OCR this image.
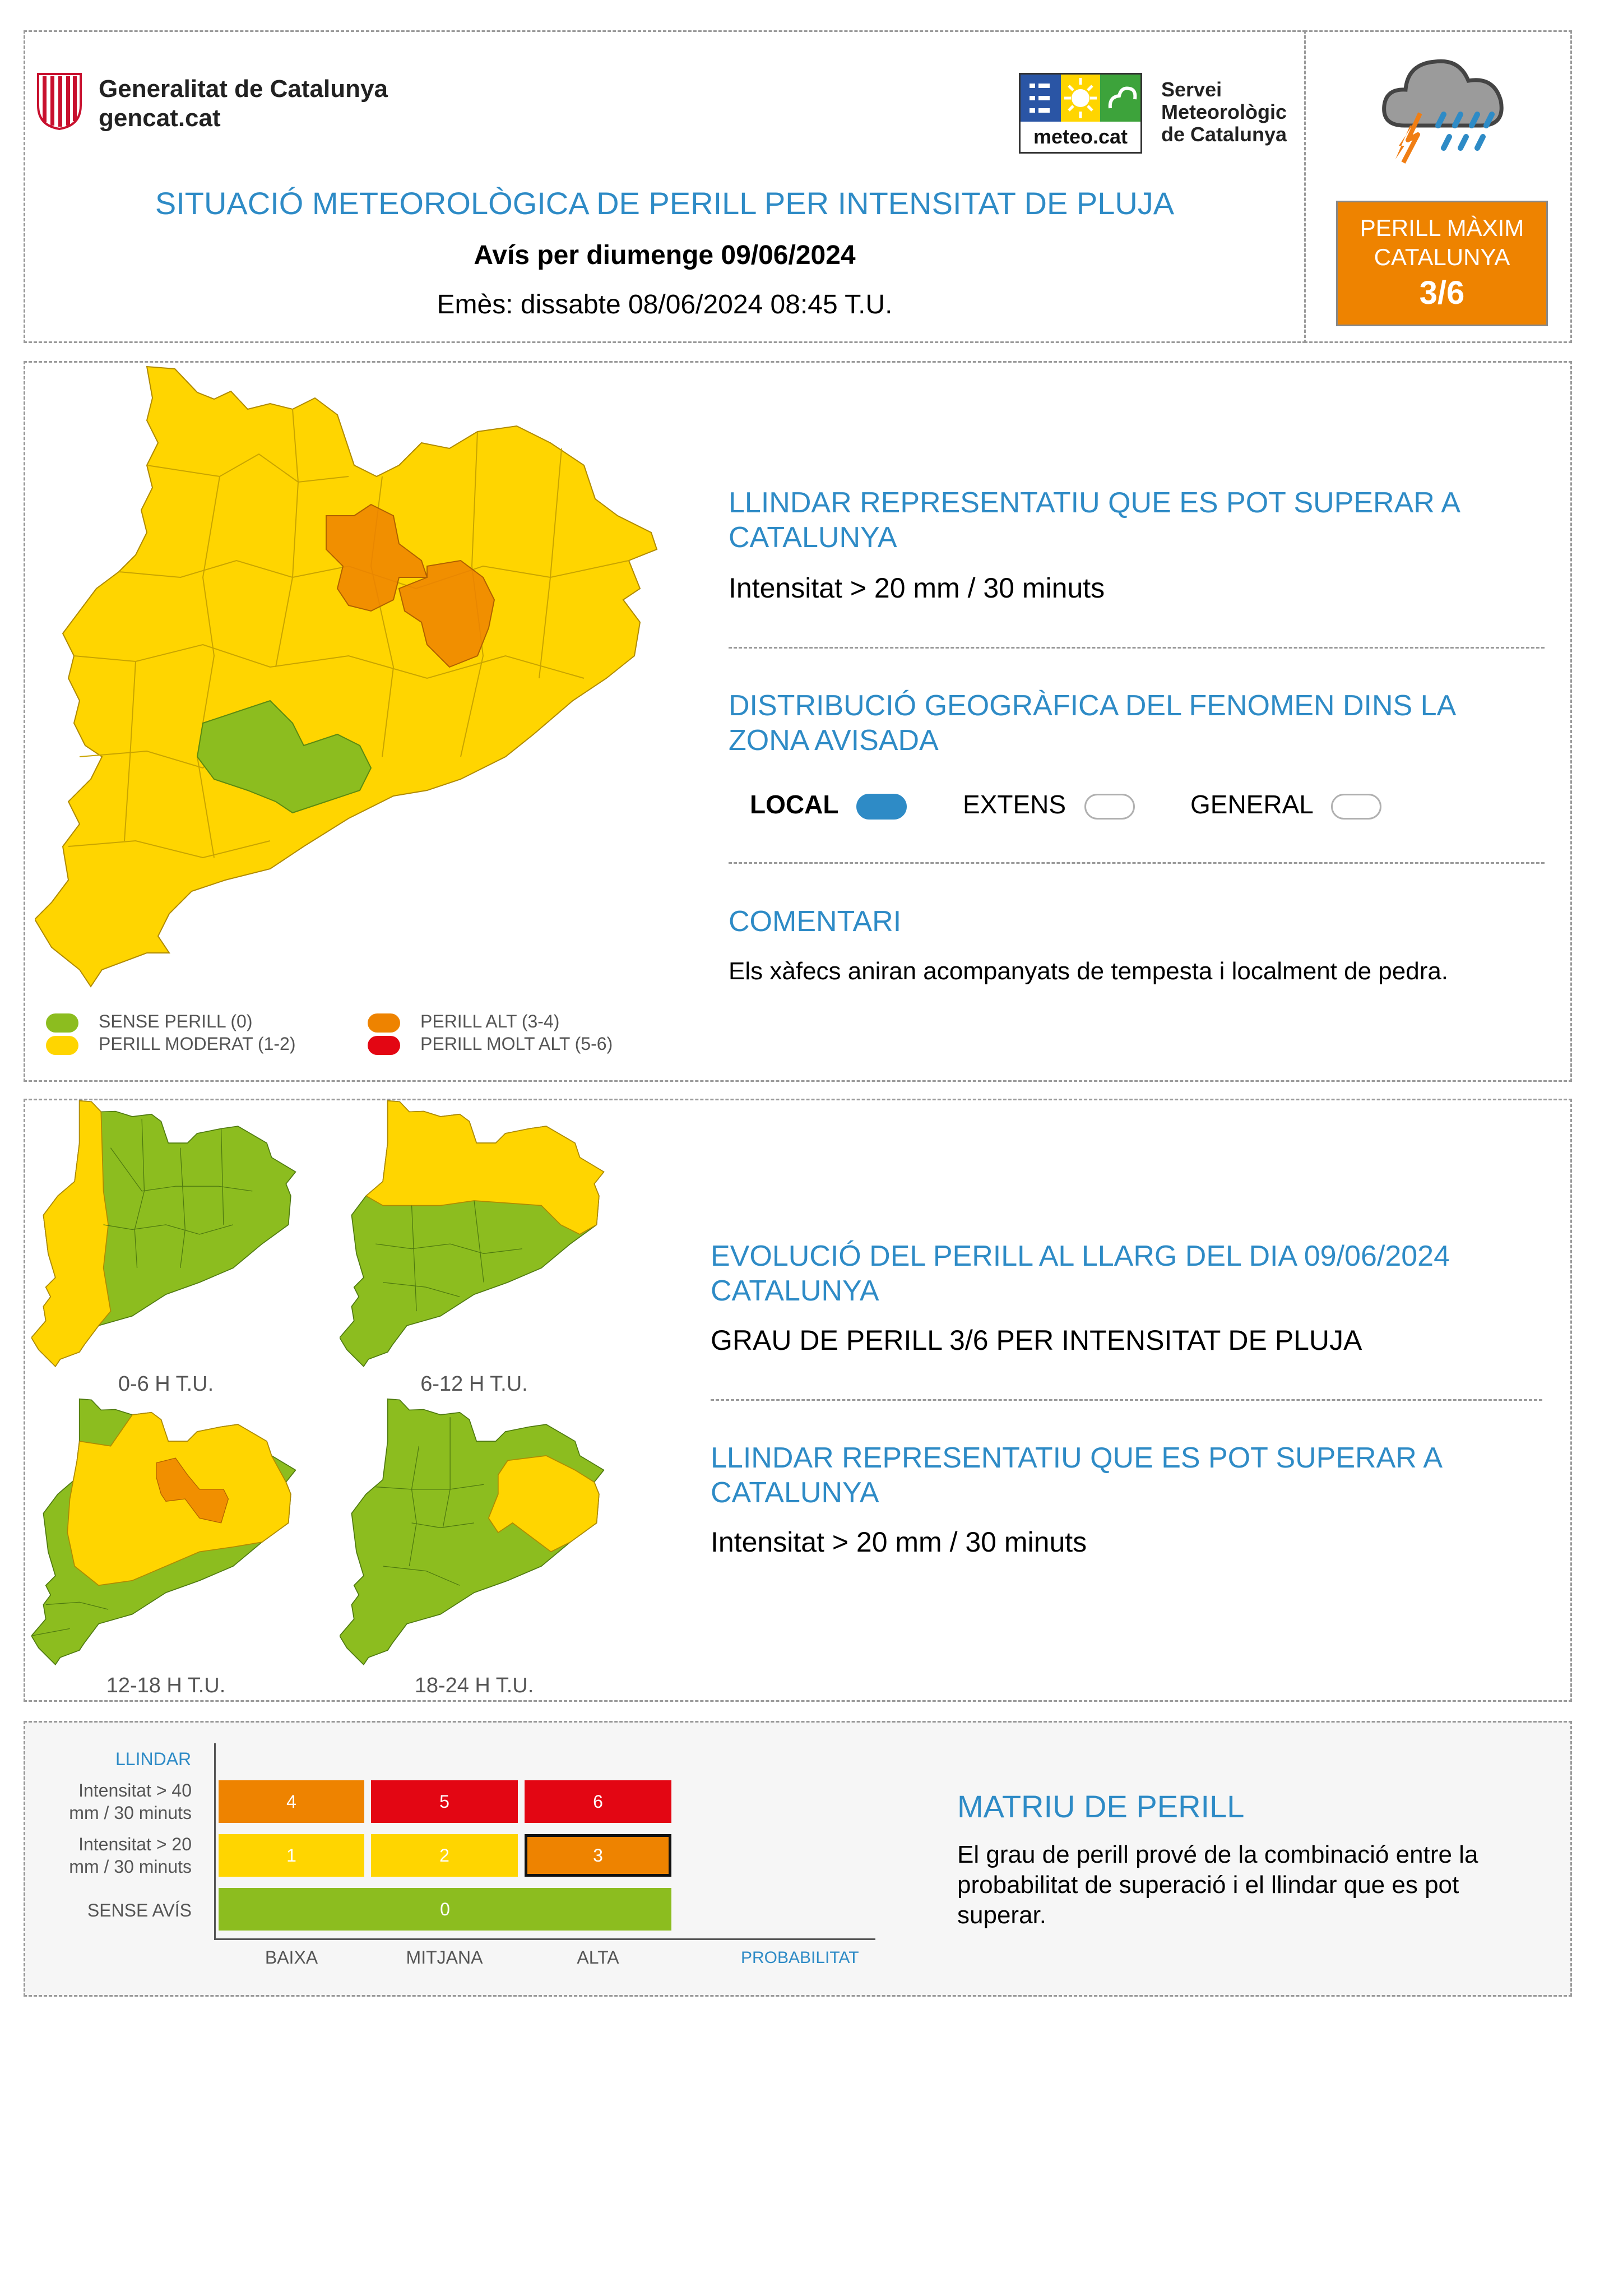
Generalitat de Catalunya
gencat.cat
meteo.cat
Servei
Meteorològic
de Catalunya
SITUACIÓ METEOROLÒGICA DE PERILL PER INTENSITAT DE PLUJA
Avís per diumenge 09/06/2024
Emès: dissabte 08/06/2024 08:45 T.U.
PERILL MÀXIM
CATALUNYA
3/6
SENSE PERILL (0)
PERILL MODERAT (1-2)
PERILL ALT (3-4)
PERILL MOLT ALT (5-6)
LLINDAR REPRESENTATIU QUE ES POT SUPERAR A CATALUNYA
Intensitat > 20 mm / 30 minuts
DISTRIBUCIÓ GEOGRÀFICA DEL FENOMEN DINS LA ZONA AVISADA
LOCAL	EXTENS	GENERAL
COMENTARI
Els xàfecs aniran acompanyats de tempesta i localment de pedra.
0-6 H T.U.	6-12 H T.U.
12-18 H T.U.	18-24 H T.U.
EVOLUCIÓ DEL PERILL AL LLARG DEL DIA 09/06/2024 CATALUNYA
GRAU DE PERILL 3/6 PER INTENSITAT DE PLUJA
LLINDAR REPRESENTATIU QUE ES POT SUPERAR A CATALUNYA
Intensitat > 20 mm / 30 minuts
LLINDAR
Intensitat > 40
mm / 30 minuts
Intensitat > 20
mm / 30 minuts
SENSE AVÍS
4	5	6
1	2	3
0
BAIXA	MITJANA	ALTA	PROBABILITAT
MATRIU DE PERILL
El grau de perill prové de la combinació entre la probabilitat de superació i el llindar que es pot superar.
